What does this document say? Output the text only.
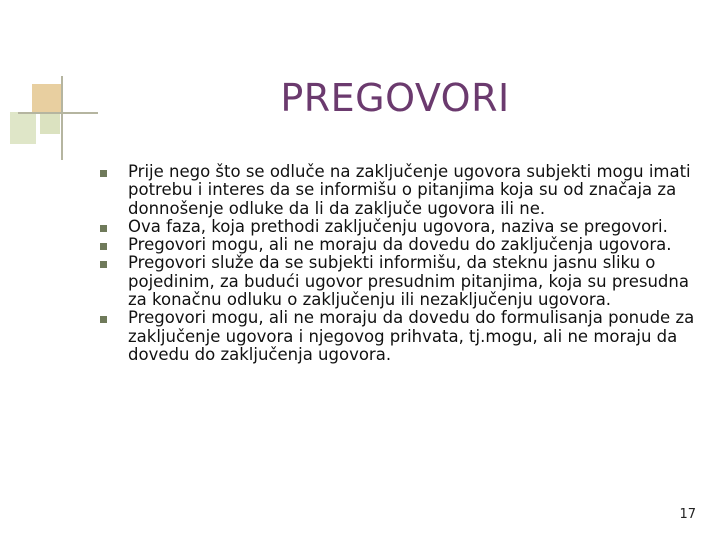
PREGOVORI
Prije nego što se odluče na zaključenje ugovora subjekti mogu imati potrebu i interes da se informišu o pitanjima koja su od značaja za donnošenje odluke da li da zaključe ugovora ili ne.
Ova faza, koja prethodi zaključenju ugovora, naziva se pregovori.
Pregovori mogu, ali ne moraju da dovedu do zaključenja ugovora.
Pregovori služe da se subjekti informišu, da steknu jasnu sliku o pojedinim, za budući ugovor presudnim pitanjima, koja su presudna za konačnu odluku o zaključenju ili nezaključenju ugovora.
Pregovori mogu, ali ne moraju da dovedu do formulisanja ponude za zaključenje ugovora i njegovog prihvata, tj.mogu, ali ne moraju da dovedu do zaključenja ugovora.
17
